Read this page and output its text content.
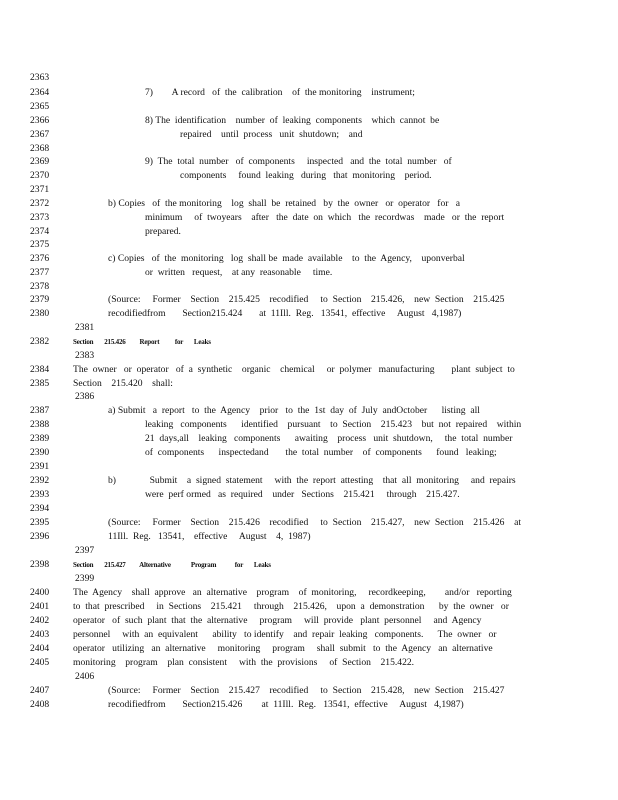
2363
2364	7)        A record   of  the  calibration    of  the monitoring    instrument;
2365
2366	8) The  identification    number  of  leaking  components    which  cannot  be
2367	repaired    until  process   unit  shutdown;    and
2368
2369	9)  The  total  number   of  components     inspected   and  the  total  number   of
2370	components     found  leaking   during   that  monitoring    period.
2371
2372	b) Copies   of  the monitoring    log  shall  be  retained   by  the  owner   or  operator   for   a
2373	minimum     of  twoyears    after   the  date  on  which   the  recordwas    made   or  the  report
2374	prepared.
2375
2376	c) Copies   of  the  monitoring   log  shall be  made  available    to  the  Agency,    uponverbal
2377	or  written   request,    at any  reasonable     time.
2378
2379	(Source:     Former    Section    215.425    recodified     to  Section    215.426,    new  Section    215.425
2380	recodifiedfrom       Section215.424       at  11Ill.  Reg.   13541,  effective     August   4,1987)
2381
2382	Section       215.426         Report          for       Leaks
2383
2384 The  owner   or  operator   of  a  synthetic    organic    chemical     or  polymer   manufacturing       plant  subject  to
2385 Section    215.420    shall:
2386
2387	a) Submit   a  report   to  the  Agency    prior   to  the  1st  day  of  July  andOctober      listing  all
2388	leaking   components      identified    pursuant    to  Section    215.423    but  not  repaired    within
2389	21  days,all    leaking   components      awaiting    process   unit  shutdown,     the  total  number
2390	of  components      inspectedand       the  total  number    of  components      found   leaking;
2391
2392	b)              Submit    a  signed  statement     with  the  report  attesting    that  all  monitoring     and  repairs
2393	were  perf ormed   as  required    under   Sections    215.421     through    215.427.
2394
2395	(Source:     Former    Section    215.426    recodified     to  Section    215.427,    new  Section    215.426    at
2396	11Ill.  Reg.   13541,    effective     August    4,  1987)
2397
2398	Section       215.427         Alternative             Program            for       Leaks
2399
2400 The  Agency    shall  approve   an  alternative    program    of  monitoring,     recordkeeping,        and/or   reporting
2401 to  that  prescribed     in  Sections    215.421     through    215.426,    upon  a  demonstration      by  the  owner   or
2402 operator   of  such  plant  that  the  alternative     program     will  provide   plant  personnel     and  Agency
2403 personnel     with  an  equivalent      ability   to identify    and  repair  leaking   components.      The  owner   or
2404 operator   utilizing   an  alternative     monitoring     program     shall  submit   to  the  Agency   an  alternative
2405 monitoring    program    plan  consistent     with  the  provisions     of  Section    215.422.
2406
2407	(Source:     Former    Section    215.427    recodified     to  Section    215.428,    new  Section    215.427
2408	recodifiedfrom       Section215.426        at  11Ill.  Reg.   13541,  effective     August   4,1987)
